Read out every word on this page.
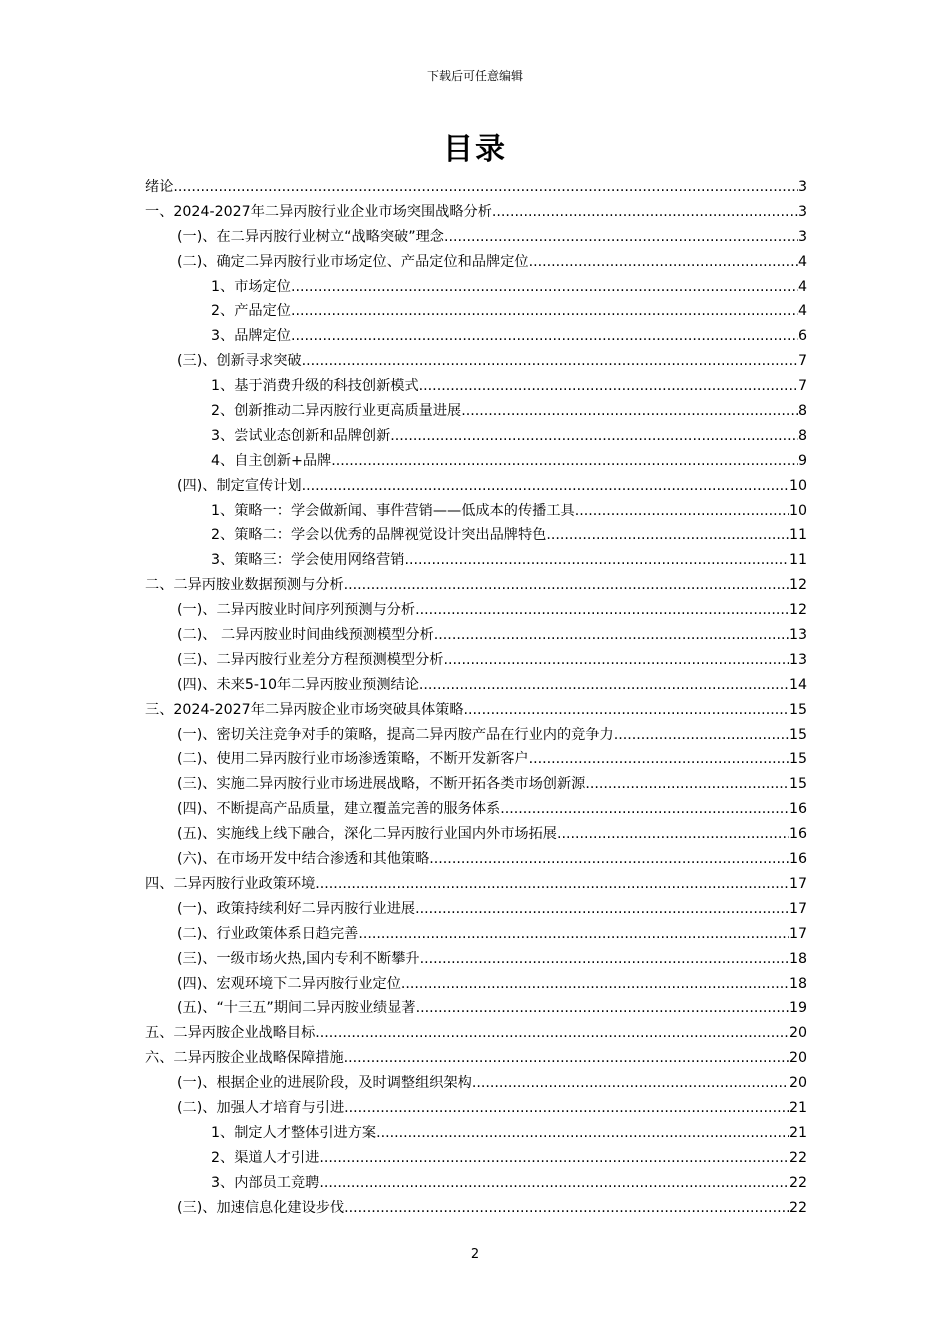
下载后可任意编辑
目录
绪论 .....	3
一、2024-2027年二异丙胺行业企业市场突围战略分析 .....	3
(一)、在二异丙胺行业树立“战略突破”理念 .....	3
(二)、确定二异丙胺行业市场定位、产品定位和品牌定位 .....	4
1、市场定位 .....	4
2、产品定位 .....	4
3、品牌定位 .....	6
(三)、创新寻求突破 .....	7
1、基于消费升级的科技创新模式 .....	7
2、创新推动二异丙胺行业更高质量进展 .....	8
3、尝试业态创新和品牌创新 .....	8
4、自主创新+品牌 .....	9
(四)、制定宣传计划 .....	10
1、策略一：学会做新闻、事件营销——低成本的传播工具 .....	10
2、策略二：学会以优秀的品牌视觉设计突出品牌特色 .....	11
3、策略三：学会使用网络营销 .....	11
二、二异丙胺业数据预测与分析 .....	12
(一)、二异丙胺业时间序列预测与分析 .....	12
(二)、 二异丙胺业时间曲线预测模型分析 .....	13
(三)、二异丙胺行业差分方程预测模型分析 .....	13
(四)、未来5-10年二异丙胺业预测结论 .....	14
三、2024-2027年二异丙胺企业市场突破具体策略 .....	15
(一)、密切关注竞争对手的策略，提高二异丙胺产品在行业内的竞争力 .....	15
(二)、使用二异丙胺行业市场渗透策略，不断开发新客户 .....	15
(三)、实施二异丙胺行业市场进展战略，不断开拓各类市场创新源 .....	15
(四)、不断提高产品质量，建立覆盖完善的服务体系 .....	16
(五)、实施线上线下融合，深化二异丙胺行业国内外市场拓展 .....	16
(六)、在市场开发中结合渗透和其他策略 .....	16
四、二异丙胺行业政策环境 .....	17
(一)、政策持续利好二异丙胺行业进展 .....	17
(二)、行业政策体系日趋完善 .....	17
(三)、一级市场火热,国内专利不断攀升 .....	18
(四)、宏观环境下二异丙胺行业定位 .....	18
(五)、“十三五”期间二异丙胺业绩显著 .....	19
五、二异丙胺企业战略目标 .....	20
六、二异丙胺企业战略保障措施 .....	20
(一)、根据企业的进展阶段，及时调整组织架构 .....	20
(二)、加强人才培育与引进 .....	21
1、制定人才整体引进方案 .....	21
2、渠道人才引进 .....	22
3、内部员工竞聘 .....	22
(三)、加速信息化建设步伐 .....	22
2
